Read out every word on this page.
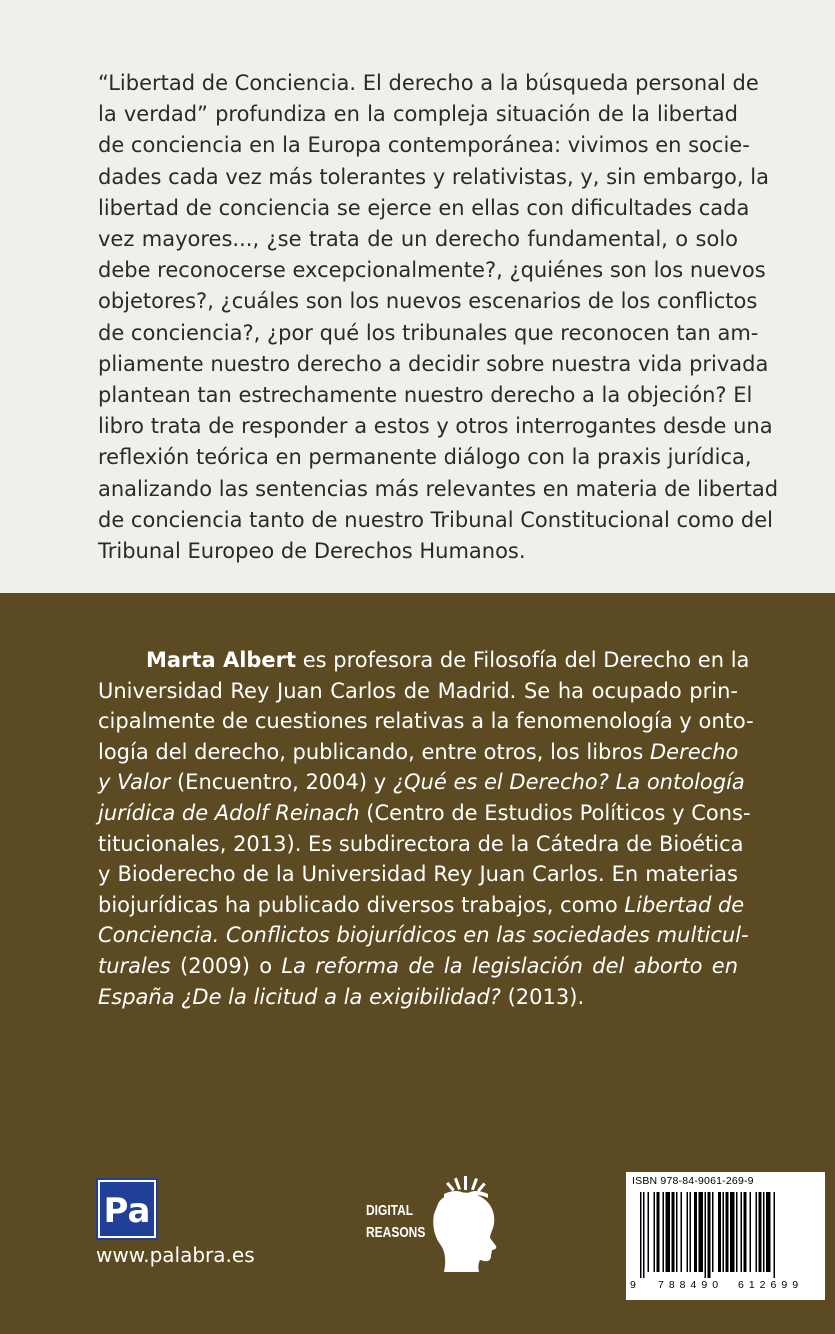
“Libertad de Conciencia. El derecho a la búsqueda personal de
la verdad” profundiza en la compleja situación de la libertad
de conciencia en la Europa contemporánea: vivimos en socie-
dades cada vez más tolerantes y relativistas, y, sin embargo, la
libertad de conciencia se ejerce en ellas con dificultades cada
vez mayores..., ¿se trata de un derecho fundamental, o solo
debe reconocerse excepcionalmente?, ¿quiénes son los nuevos
objetores?, ¿cuáles son los nuevos escenarios de los conflictos
de conciencia?, ¿por qué los tribunales que reconocen tan am-
pliamente nuestro derecho a decidir sobre nuestra vida privada
plantean tan estrechamente nuestro derecho a la objeción? El
libro trata de responder a estos y otros interrogantes desde una
reflexión teórica en permanente diálogo con la praxis jurídica,
analizando las sentencias más relevantes en materia de libertad
de conciencia tanto de nuestro Tribunal Constitucional como del
Tribunal Europeo de Derechos Humanos.
Marta Albert es profesora de Filosofía del Derecho en la
Universidad Rey Juan Carlos de Madrid. Se ha ocupado prin-
cipalmente de cuestiones relativas a la fenomenología y onto-
logía del derecho, publicando, entre otros, los libros Derecho
y Valor (Encuentro, 2004) y ¿Qué es el Derecho? La ontología
jurídica de Adolf Reinach (Centro de Estudios Políticos y Cons-
titucionales, 2013). Es subdirectora de la Cátedra de Bioética
y Bioderecho de la Universidad Rey Juan Carlos. En materias
biojurídicas ha publicado diversos trabajos, como Libertad de
Conciencia. Conflictos biojurídicos en las sociedades multicul-
turales (2009) o La reforma de la legislación del aborto en
España ¿De la licitud a la exigibilidad? (2013).
Pa
www.palabra.es
DIGITAL
REASONS
ISBN 978-84-9061-269-9
9 788490 612699
